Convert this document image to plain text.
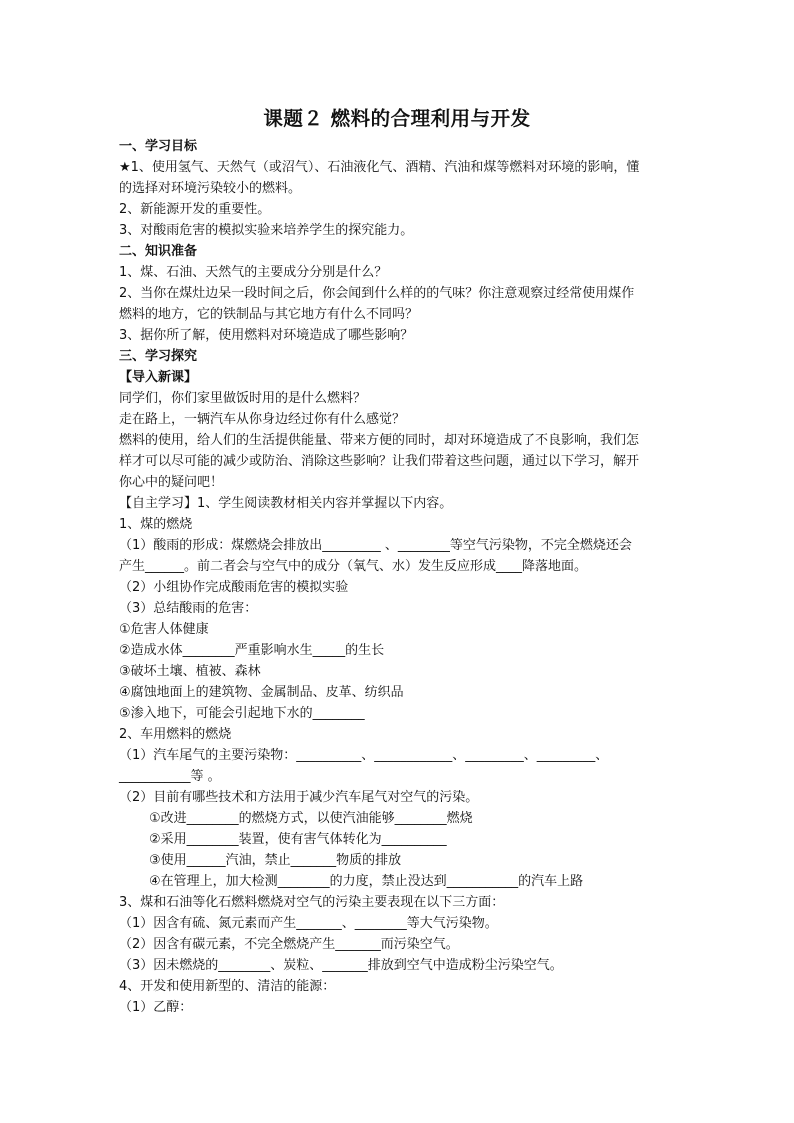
课题２ 燃料的合理利用与开发
一、学习目标
★1、使用氢气、天然气（或沼气）、石油液化气、酒精、汽油和煤等燃料对环境的影响，懂
的选择对环境污染较小的燃料。
2、新能源开发的重要性。
3、对酸雨危害的模拟实验来培养学生的探究能力。
二、知识准备
1、煤、石油、天然气的主要成分分别是什么？
2、当你在煤灶边呆一段时间之后，你会闻到什么样的的气味？你注意观察过经常使用煤作
燃料的地方，它的铁制品与其它地方有什么不同吗？
3、据你所了解，使用燃料对环境造成了哪些影响？
三、学习探究
【导入新课】
同学们，你们家里做饭时用的是什么燃料？
走在路上，一辆汽车从你身边经过你有什么感觉？
燃料的使用，给人们的生活提供能量、带来方便的同时，却对环境造成了不良影响，我们怎
样才可以尽可能的减少或防治、消除这些影响？让我们带着这些问题，通过以下学习，解开
你心中的疑问吧！
【自主学习】1、学生阅读教材相关内容并掌握以下内容。
1、煤的燃烧
（1）酸雨的形成：煤燃烧会排放出_________ 、________等空气污染物，不完全燃烧还会
产生______。前二者会与空气中的成分（氧气、水）发生反应形成____降落地面。
（2）小组协作完成酸雨危害的模拟实验
（3）总结酸雨的危害：
①危害人体健康
②造成水体________严重影响水生_____的生长
③破坏土壤、植被、森林
④腐蚀地面上的建筑物、金属制品、皮革、纺织品
⑤渗入地下，可能会引起地下水的________
2、车用燃料的燃烧
（1）汽车尾气的主要污染物：__________、____________、_________、_________、
___________等 。
（2）目前有哪些技术和方法用于减少汽车尾气对空气的污染。
①改进________的燃烧方式，以使汽油能够________燃烧
②采用________装置，使有害气体转化为__________
③使用______汽油，禁止_______物质的排放
④在管理上，加大检测________的力度，禁止没达到___________的汽车上路
3、煤和石油等化石燃料燃烧对空气的污染主要表现在以下三方面：
（1）因含有硫、氮元素而产生_______、________等大气污染物。
（2）因含有碳元素，不完全燃烧产生_______而污染空气。
（3）因未燃烧的________、炭粒、_______排放到空气中造成粉尘污染空气。
4、开发和使用新型的、清洁的能源：
（1）乙醇：
